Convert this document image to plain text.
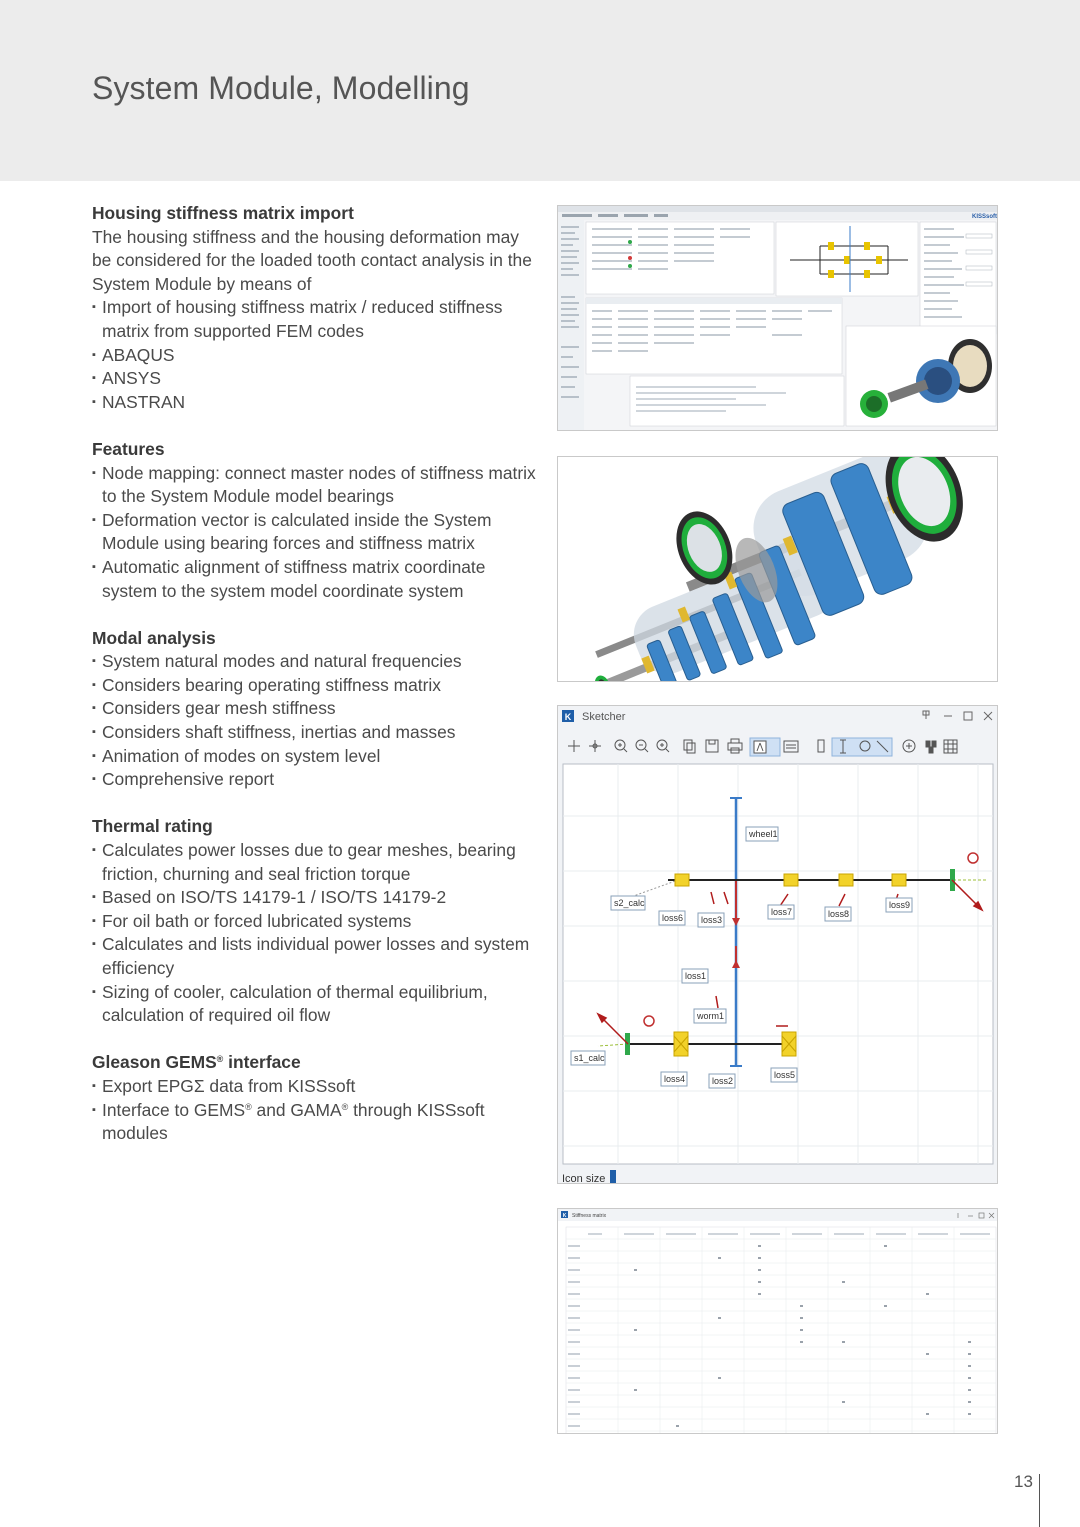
System Module, Modelling
Housing stiffness matrix import

The housing stiffness and the housing deformation may be considered for the loaded tooth contact analysis in the System Module by means of

▪ Import of housing stiffness matrix / reduced stiffness matrix from supported FEM codes
▪ ABAQUS
▪ ANSYS
▪ NASTRAN
Features
▪ Node mapping: connect master nodes of stiffness matrix to the System Module model bearings
▪ Deformation vector is calculated inside the System Module using bearing forces and stiffness matrix
▪ Automatic alignment of stiffness matrix coordinate system to the system model coordinate system
Modal analysis
▪ System natural modes and natural frequencies
▪ Considers bearing operating stiffness matrix
▪ Considers gear mesh stiffness
▪ Considers shaft stiffness, inertias and masses
▪ Animation of modes on system level
▪ Comprehensive report
Thermal rating
▪ Calculates power losses due to gear meshes, bearing friction, churning and seal friction torque
▪ Based on ISO/TS 14179-1 / ISO/TS 14179-2
▪ For oil bath or forced lubricated systems
▪ Calculates and lists individual power losses and system efficiency
▪ Sizing of cooler, calculation of thermal equilibrium, calculation of required oil flow
Gleason GEMS® interface
▪ Export EPGΣ data from KISSsoft
▪ Interface to GEMS® and GAMA® through KISSsoft modules
KISSsoft
K Sketcher
wheel1
s2_calc
loss6 loss3
loss7	loss8
loss9
loss1
worm1
s1_calc
loss4	loss2
loss5
Icon size
K Stiffness matrix
13
